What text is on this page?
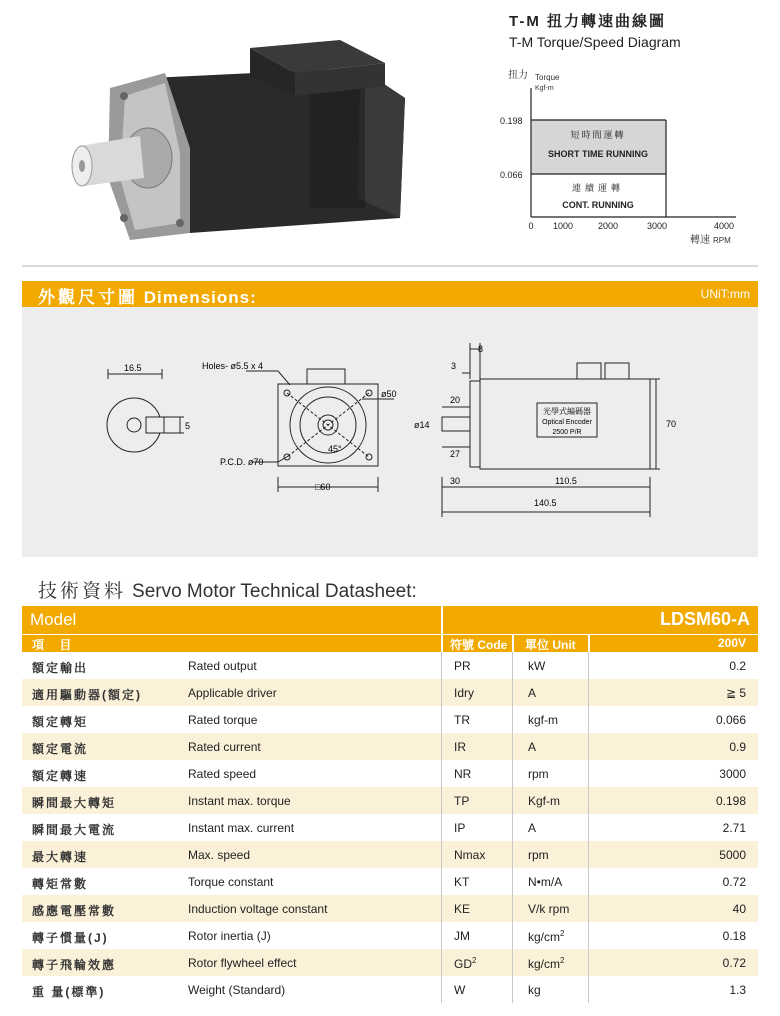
T-M 扭力轉速曲線圖
T-M Torque/Speed Diagram
扭力 Torque
Kgf-m
0.198
0.066
短時間運轉
SHORT TIME RUNNING
連續運轉
CONT. RUNNING
0 1000	2000	3000	4000
轉速 RPM
外觀尺寸圖 Dimensions:	UNiT:mm
16.5
5
Holes- ø5.5 x 4
ø50
45°
P.C.D. ø70
□60
8
3
20
ø14
27
30	110.5
140.5
70
光學式編碼器
Optical Encoder
2500 P/R
技術資料 Servo Motor Technical Datasheet:
Model	LDSM60-A
項 目	符號 Code 單位 Unit	200V
額定輸出	Rated output	PR	kW	0.2
適用驅動器(額定)	Applicable driver	Idry	A	≧ 5
額定轉矩	Rated torque	TR	kgf-m	0.066
額定電流	Rated current	IR	A	0.9
額定轉速	Rated speed	NR	rpm	3000
瞬間最大轉矩	Instant max. torque	TP	Kgf-m	0.198
瞬間最大電流	Instant max. current	IP	A	2.71
最大轉速	Max. speed	Nmax	rpm	5000
轉矩常數	Torque constant	KT	N•m/A	0.72
感應電壓常數	Induction voltage constant	KE	V/k rpm	40
轉子慣量(J)	Rotor inertia (J)	JM	$kg/cm^2$	0.18
轉子飛輪效應	Rotor flywheel effect	$GD^2$	$kg/cm^2$	0.72
重 量(標準)	Weight (Standard)	W	kg	1.3
